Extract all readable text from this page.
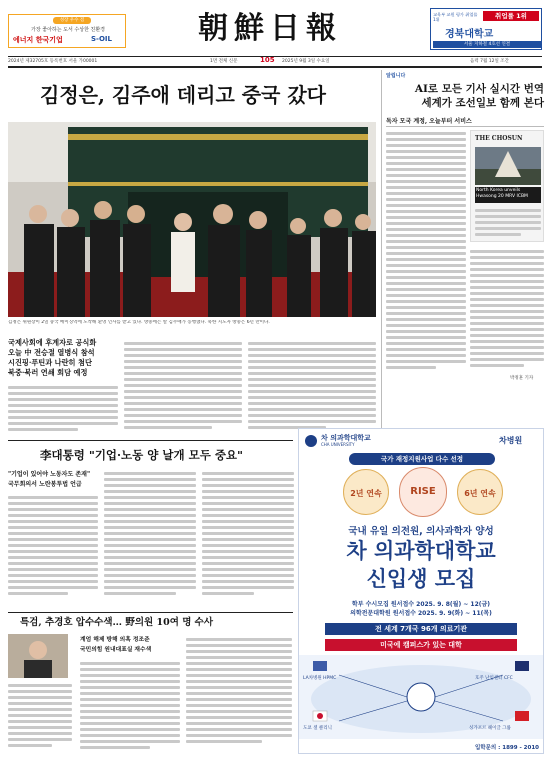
성장 우수 점
가장 좋아하는 도서 수상한 친환경
에너지 한국기업	S-OIL	朝鮮日報	교육부 교원 평가 취업률 1위	취업률 1위
경북대학교
서울 지하철 4호선 연결
2024년 제32705호 등록번호 서울 가00001	1면 전체 신문	105 2025년 9월 3일 수요일	음력 7월 12일 조간
김정은, 김주애 데리고 중국 갔다
김정은 위원장이 2일 중국 베이징역에 도착해 환영 인사를 받고 있다. 방중에는 딸 김주애가 동행했다. 북한 지도자 방중은 6년 만이다.
국제사회에 후계자로 공식화
오늘 中 전승절 열병식 참석
시진핑·푸틴과 나란히 첨단
북중·북러 연쇄 회담 예정
알립니다
AI로 모든 기사 실시간 번역
세계가 조선일보 함께 본다
독자 모국 계정, 오늘부터 서비스
THE CHOSUN
North Korea unveils Hwasong 20 MRV ICBM
박정훈 기자
李대통령 "기업·노동 양 날개 모두 중요"
"기업이 있어야 노동자도 존재"
국무회의서 노란봉투법 언급
특검, 추경호 압수수색… 野의원 10여 명 수사
계엄 해제 방해 의혹 정조준
국민의힘 원내대표실 재수색
차 의과학대학교
CHA UNIVERSITY	차병원
국가 재정지원사업 다수 선정
2년 연속	RISE	6년 연속
국내 유일 의전원, 의사과학자 양성
차 의과학대학교
신입생 모집
학부 수시모집 원서접수 2025. 9. 8(월) ~ 12(금)
의학전문대학원 원서접수 2025. 9. 9(화) ~ 11(목)
전 세계 7개국 96개 의료기관
미국에 캠퍼스가 있는 대학
LA차병원 HPMC
도쿄 셀 클리닉
호주 난임센터 CFC
싱가포르 헤이글 그룹
입학문의 : 1899 - 2010
